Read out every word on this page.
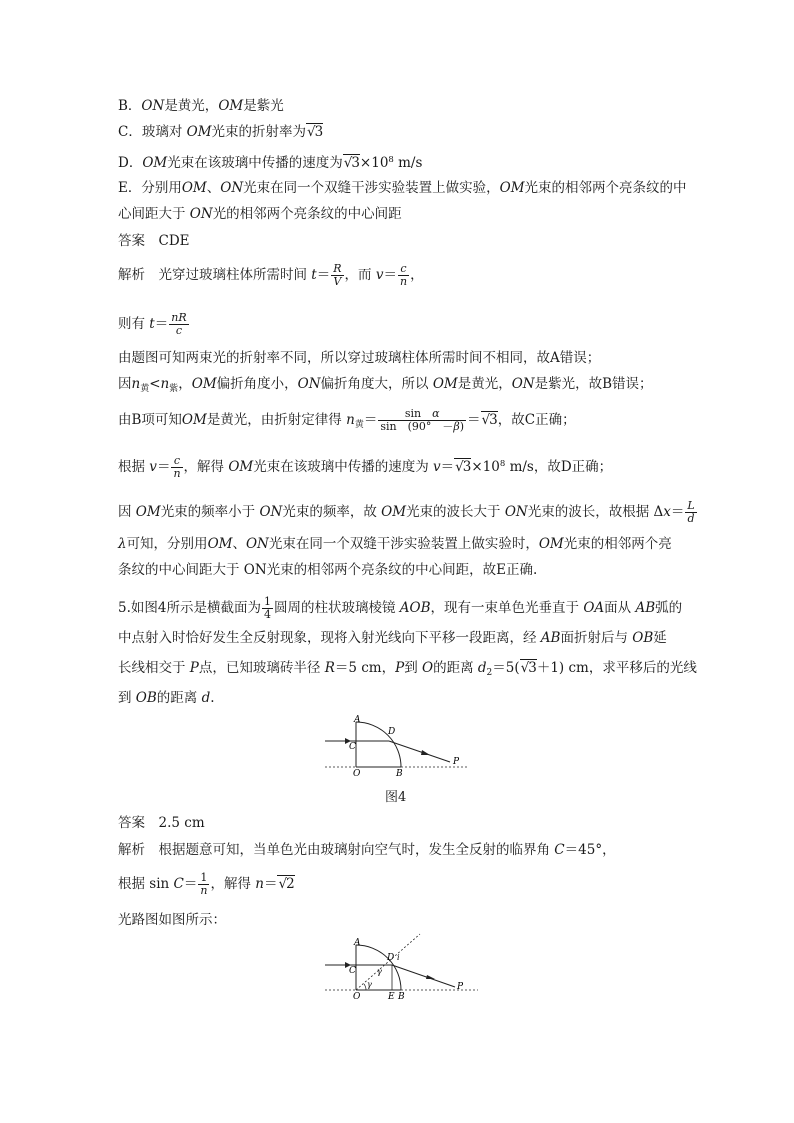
B．ON是黄光，OM是紫光
C．玻璃对 OM光束的折射率为√ 3
D．OM光束在该玻璃中传播的速度为√ $3\times 10^8$ m/s
E．分别用OM、ON光束在同一个双缝干涉实验装置上做实验，OM光束的相邻两个亮条纹的中
心间距大于 ON光的相邻两个亮条纹的中心间距
答案　CDE
解析　光穿过玻璃柱体所需时间 $t= \frac{R}{V}$ ，而 $v= \frac{c}{n}$ ，
则有 $t= \frac{nR}{c}$
由题图可知两束光的折射率不同，所以穿过玻璃柱体所需时间不相同，故A错误；
因$n_黄<n_紫$，OM偏折角度小，ON偏折角度大，所以 OM是黄光，ON是紫光，故B错误；
由B项可知OM是黄光，由折射定律得 $n_黄= \frac{\text{sin　α}}{\sin (90^\circ -\beta)}$ ＝√ 3，故C正确；
根据 $v= \frac{c}{n}$ ，解得 OM光束在该玻璃中传播的速度为 v＝√ $3\times 10^8$ m/s，故D正确；
因 OM光束的频率小于 ON光束的频率，故 OM光束的波长大于 ON光束的波长，故根据 $\Delta x= \frac{L}{d}$
λ可知，分别用OM、ON光束在同一个双缝干涉实验装置上做实验时，OM光束的相邻两个亮
条纹的中心间距大于 ON光束的相邻两个亮条纹的中心间距，故E正确.
5.如图4所示是横截面为 $\frac{1}{4}$ 圆周的柱状玻璃棱镜 AOB，现有一束单色光垂直于 OA面从 AB弧的
中点射入时恰好发生全反射现象，现将入射光线向下平移一段距离，经 AB面折射后与 OB延
长线相交于 P点，已知玻璃砖半径 R＝5 cm，P到 O的距离 $d_2=5(√$ 3＋1) cm，求平移后的光线
到 OB的距离 d.
A
C
D
O	B
P
图4
答案　2.5 cm
解析　根据题意可知，当单色光由玻璃射向空气时，发生全反射的临界角 C＝45°，
根据 $\sin C= \frac{1}{n}$ ，解得 n＝√ 2
光路图如图所示：
A
C
D i
γ
γ
O	E B
P
